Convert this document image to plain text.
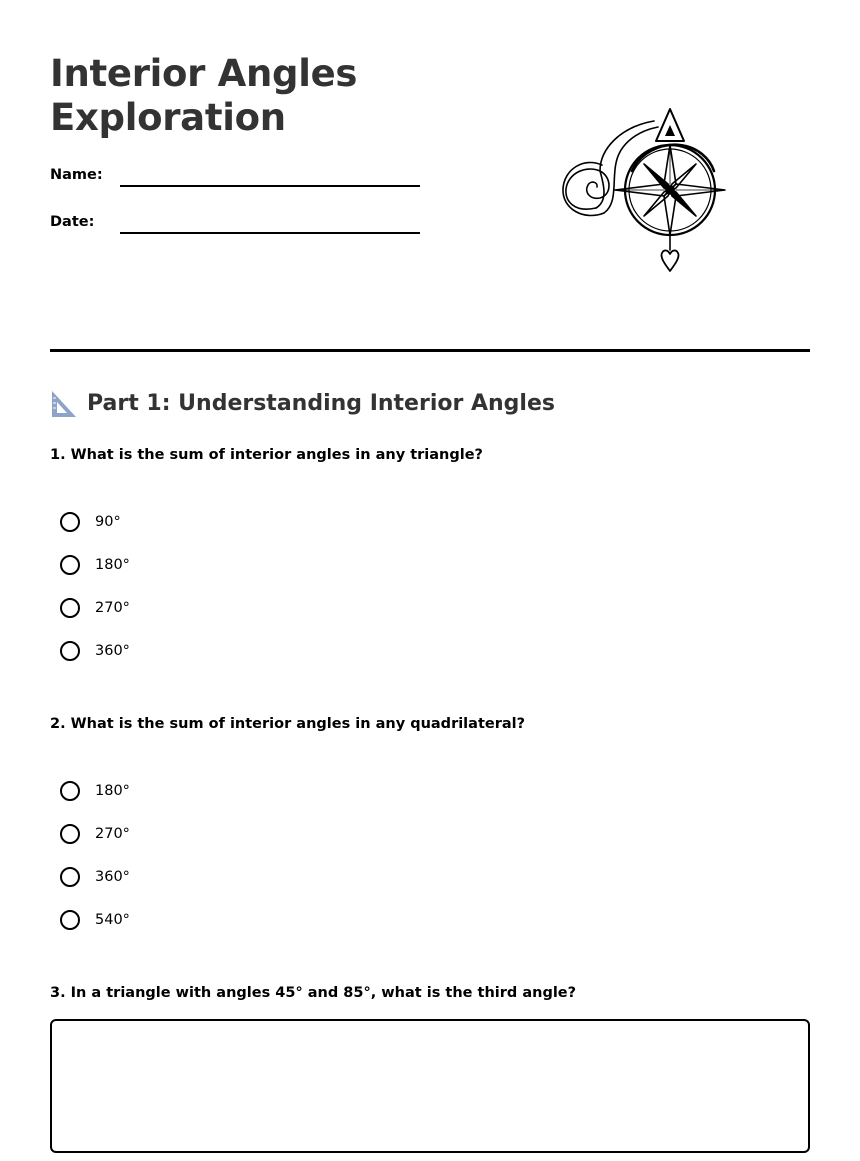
Interior Angles
Exploration
Name:
Date:
Part 1: Understanding Interior Angles

1. What is the sum of interior angles in any triangle?

90°
180°
270°
360°

2. What is the sum of interior angles in any quadrilateral?

180°
270°
360°
540°

3. In a triangle with angles 45° and 85°, what is the third angle?
